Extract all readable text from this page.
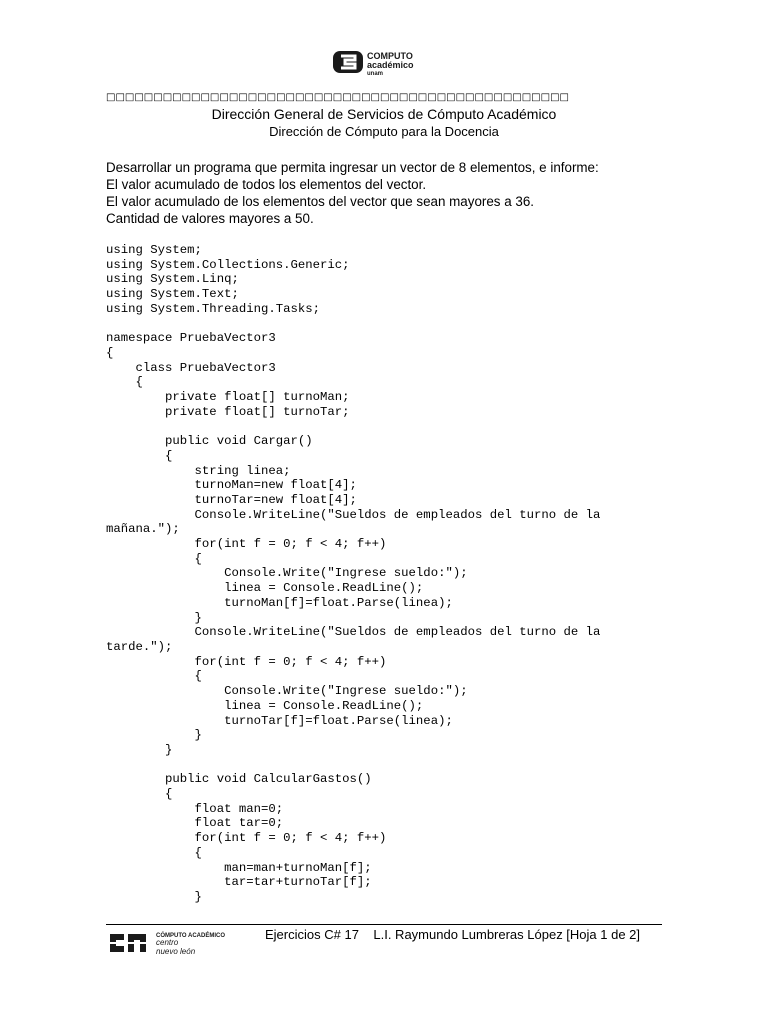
COMPUTO
académico
unam
□□□□□□□□□□□□□□□□□□□□□□□□□□□□□□□□□□□□□□□□□□□□□□□□□
Dirección General de Servicios de Cómputo Académico
Dirección de Cómputo para la Docencia
Desarrollar un programa que permita ingresar un vector de 8 elementos, e informe:
El valor acumulado de todos los elementos del vector.
El valor acumulado de los elementos del vector que sean mayores a 36.
Cantidad de valores mayores a 50.
using System;
using System.Collections.Generic;
using System.Linq;
using System.Text;
using System.Threading.Tasks;

namespace PruebaVector3
{
class PruebaVector3
{
private float[] turnoMan;
private float[] turnoTar;

public void Cargar()
{
string linea;
turnoMan=new float[4];
turnoTar=new float[4];
Console.WriteLine("Sueldos de empleados del turno de la
mañana.");
for(int f = 0; f < 4; f++)
{
Console.Write("Ingrese sueldo:");
linea = Console.ReadLine();
turnoMan[f]=float.Parse(linea);
}
Console.WriteLine("Sueldos de empleados del turno de la
tarde.");
for(int f = 0; f < 4; f++)
{
Console.Write("Ingrese sueldo:");
linea = Console.ReadLine();
turnoTar[f]=float.Parse(linea);
}
}

public void CalcularGastos()
{
float man=0;
float tar=0;
for(int f = 0; f < 4; f++)
{
man=man+turnoMan[f];
tar=tar+turnoTar[f];
}
CÓMPUTO ACADÉMICO
centro
nuevo león
Ejercicios C# 17    L.I. Raymundo Lumbreras López [Hoja 1 de 2]
